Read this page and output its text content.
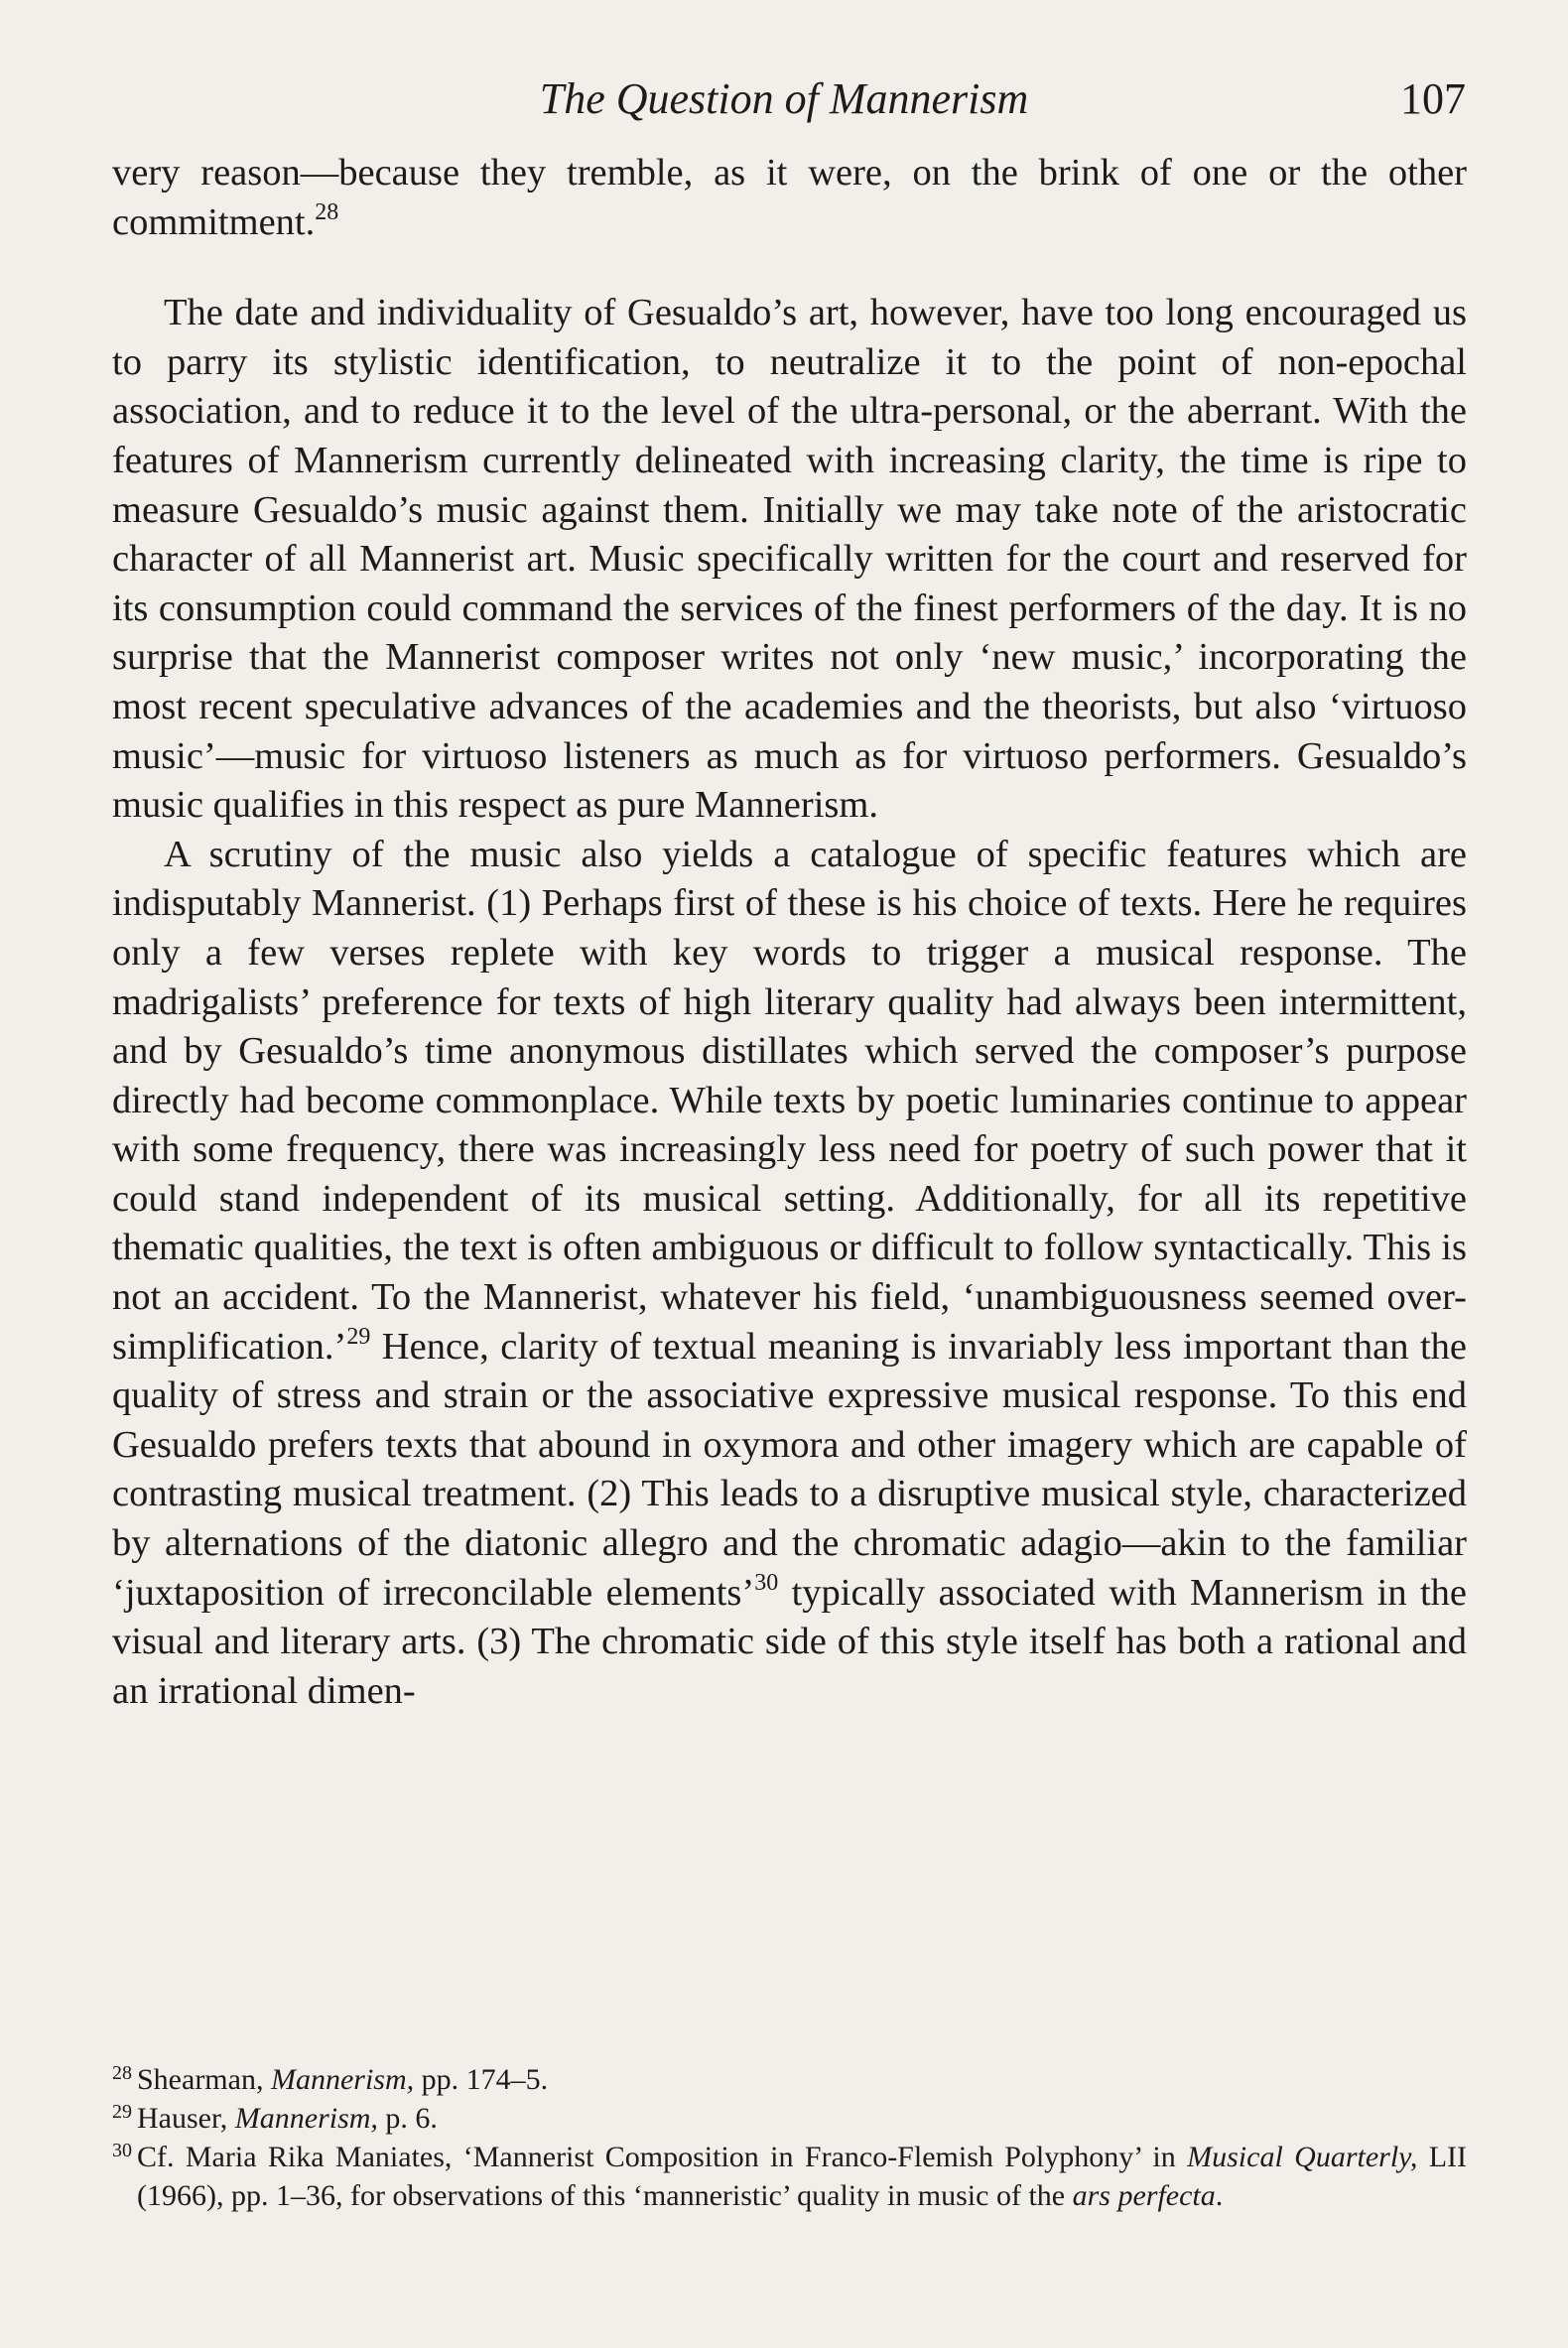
The Question of Mannerism	107

very reason—because they tremble, as it were, on the brink of one or the other commitment.$^{28}$

The date and individuality of Gesualdo’s art, however, have too long encouraged us to parry its stylistic identification, to neutralize it to the point of non-epochal association, and to reduce it to the level of the ultra-personal, or the aberrant. With the features of Mannerism currently delineated with increasing clarity, the time is ripe to measure Gesualdo’s music against them. Initially we may take note of the aristocratic character of all Mannerist art. Music specifically written for the court and reserved for its consumption could command the services of the finest performers of the day. It is no surprise that the Mannerist composer writes not only ‘new music,’ incorporating the most recent speculative advances of the academies and the theorists, but also ‘virtuoso music’—music for virtuoso listeners as much as for virtuoso performers. Gesualdo’s music qualifies in this respect as pure Mannerism.

A scrutiny of the music also yields a catalogue of specific features which are indisputably Mannerist. (1) Perhaps first of these is his choice of texts. Here he requires only a few verses replete with key words to trigger a musical response. The madrigalists’ preference for texts of high literary quality had always been intermittent, and by Gesualdo’s time anonymous distillates which served the composer’s purpose directly had become commonplace. While texts by poetic luminaries continue to appear with some frequency, there was increasingly less need for poetry of such power that it could stand independent of its musical setting. Additionally, for all its repetitive thematic qualities, the text is often ambiguous or difficult to follow syntactically. This is not an accident. To the Mannerist, whatever his field, ‘unambiguousness seemed over-simplification.’$^{29}$ Hence, clarity of textual meaning is invariably less important than the quality of stress and strain or the associative expressive musical response. To this end Gesualdo prefers texts that abound in oxymora and other imagery which are capable of contrasting musical treatment. (2) This leads to a disruptive musical style, characterized by alternations of the diatonic allegro and the chromatic adagio—akin to the familiar ‘juxtaposition of irreconcilable elements’$^{30}$ typically associated with Mannerism in the visual and literary arts. (3) The chromatic side of this style itself has both a rational and an irrational dimen-

28 Shearman, Mannerism, pp. 174–5.

29 Hauser, Mannerism, p. 6.

30 Cf. Maria Rika Maniates, ‘Mannerist Composition in Franco-Flemish Polyphony’ in Musical Quarterly, LII (1966), pp. 1–36, for observations of this ‘manneristic’ quality in music of the ars perfecta.
